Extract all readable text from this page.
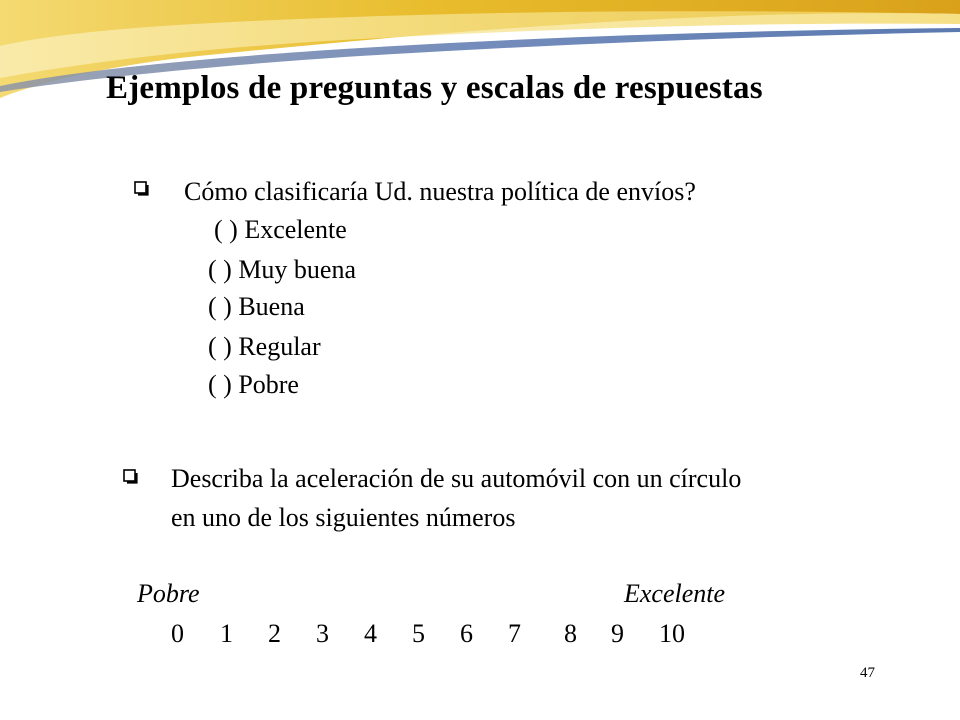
Ejemplos de preguntas y escalas de respuestas

Cómo clasificaría Ud. nuestra política de envíos?

( ) Excelente

( ) Muy buena

( ) Buena

( ) Regular

( ) Pobre

Describa la aceleración de su automóvil con un círculo

en uno de los siguientes números

Pobre	Excelente

0 1 2 3 4 5 6 7 8 9 10
47
